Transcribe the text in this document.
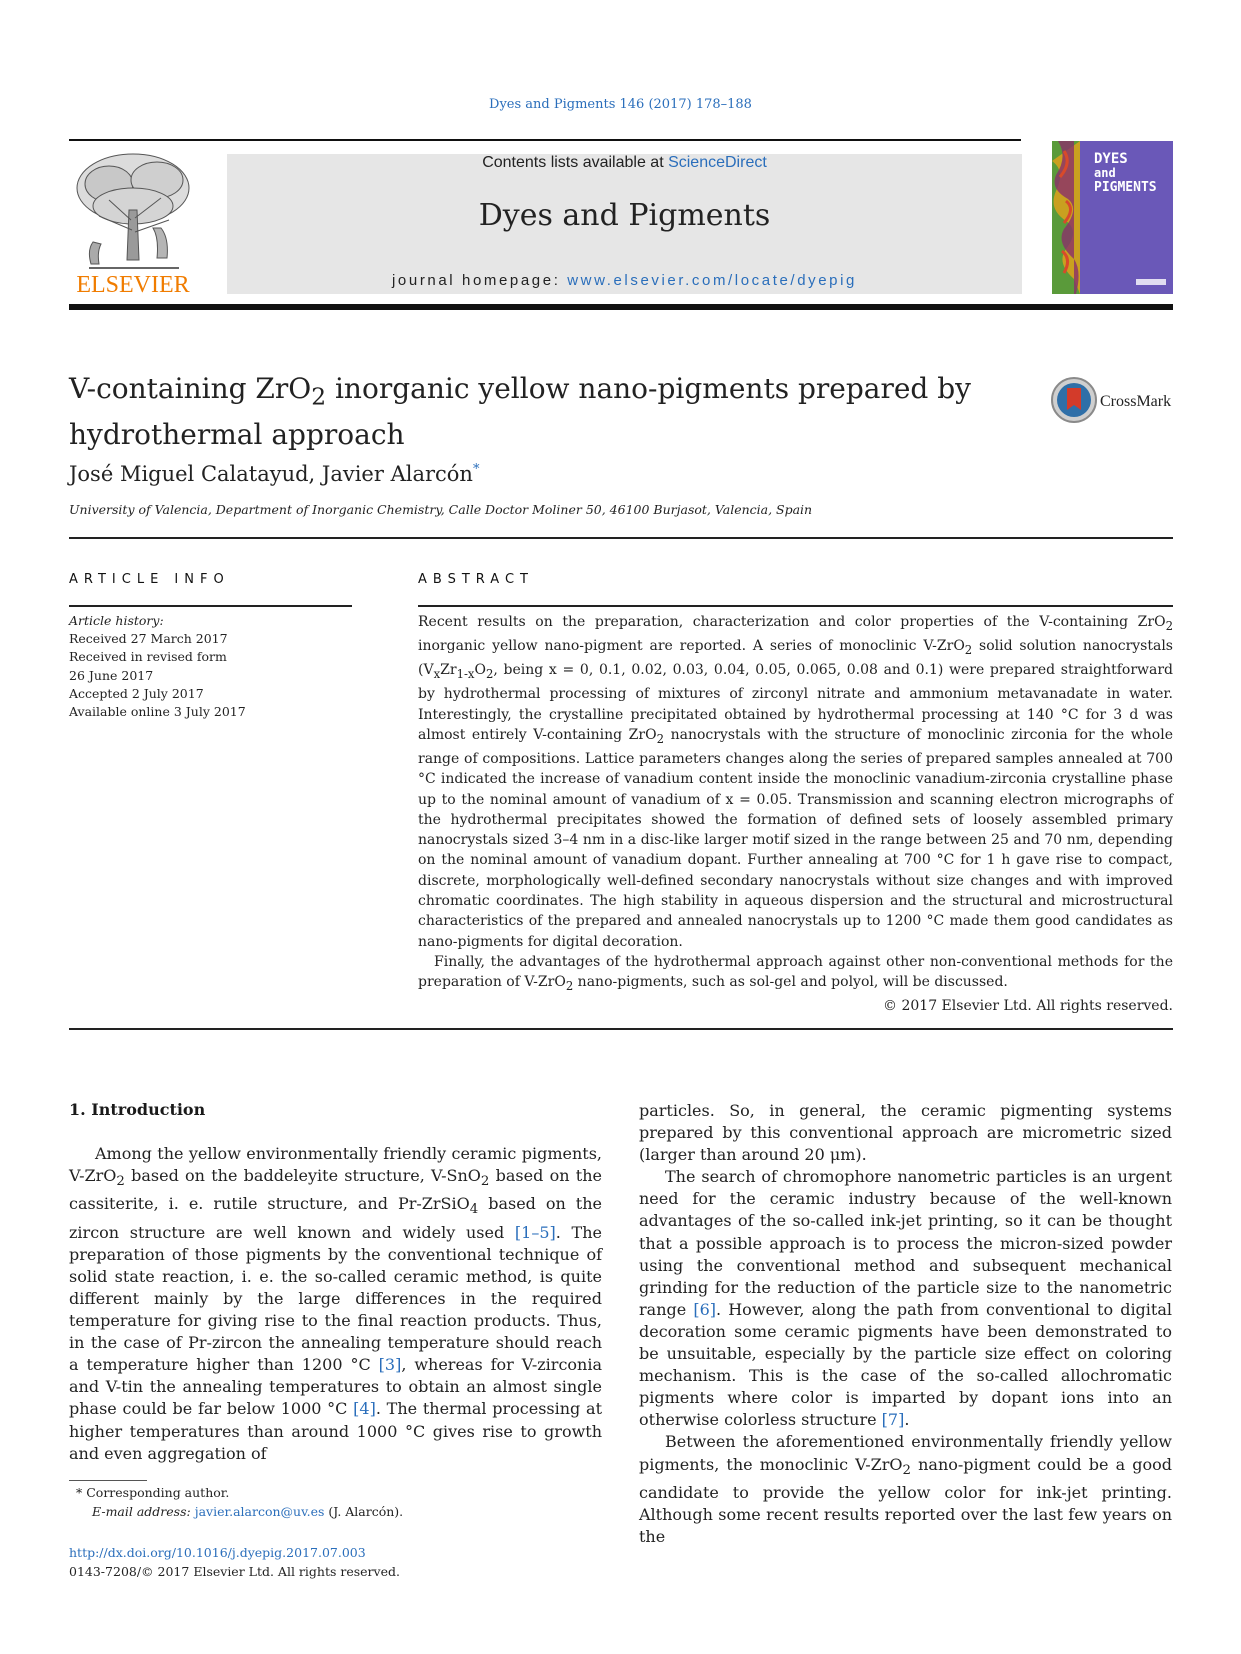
Dyes and Pigments 146 (2017) 178–188
ELSEVIER
Contents lists available at ScienceDirect
Dyes and Pigments
journal homepage: www.elsevier.com/locate/dyepig
DYES
and
PIGMENTS
V-containing ZrO$_2$ inorganic yellow nano-pigments prepared by hydrothermal approach
CrossMark
José Miguel Calatayud, Javier Alarcón*
University of Valencia, Department of Inorganic Chemistry, Calle Doctor Moliner 50, 46100 Burjasot, Valencia, Spain
ARTICLE INFO	ABSTRACT
Article history:
Received 27 March 2017
Received in revised form
26 June 2017
Accepted 2 July 2017
Available online 3 July 2017

Recent results on the preparation, characterization and color properties of the V-containing ZrO$_2$ inorganic yellow nano-pigment are reported. A series of monoclinic V-ZrO$_2$ solid solution nanocrystals ($V_xZr_{1-x}O_2$, being x = 0, 0.1, 0.02, 0.03, 0.04, 0.05, 0.065, 0.08 and 0.1) were prepared straightforward by hydrothermal processing of mixtures of zirconyl nitrate and ammonium metavanadate in water. Interestingly, the crystalline precipitated obtained by hydrothermal processing at 140 °C for 3 d was almost entirely V-containing ZrO$_2$ nanocrystals with the structure of monoclinic zirconia for the whole range of compositions. Lattice parameters changes along the series of prepared samples annealed at 700 °C indicated the increase of vanadium content inside the monoclinic vanadium-zirconia crystalline phase up to the nominal amount of vanadium of x = 0.05. Transmission and scanning electron micrographs of the hydrothermal precipitates showed the formation of defined sets of loosely assembled primary nanocrystals sized 3–4 nm in a disc-like larger motif sized in the range between 25 and 70 nm, depending on the nominal amount of vanadium dopant. Further annealing at 700 °C for 1 h gave rise to compact, discrete, morphologically well-defined secondary nanocrystals without size changes and with improved chromatic coordinates. The high stability in aqueous dispersion and the structural and microstructural characteristics of the prepared and annealed nanocrystals up to 1200 °C made them good candidates as nano-pigments for digital decoration.

Finally, the advantages of the hydrothermal approach against other non-conventional methods for the preparation of V-ZrO$_2$ nano-pigments, such as sol-gel and polyol, will be discussed.

© 2017 Elsevier Ltd. All rights reserved.

1. Introduction

Among the yellow environmentally friendly ceramic pigments, V-ZrO$_2$ based on the baddeleyite structure, V-SnO$_2$ based on the cassiterite, i. e. rutile structure, and Pr-ZrSiO$_4$ based on the zircon structure are well known and widely used [1–5]. The preparation of those pigments by the conventional technique of solid state reaction, i. e. the so-called ceramic method, is quite different mainly by the large differences in the required temperature for giving rise to the final reaction products. Thus, in the case of Pr-zircon the annealing temperature should reach a temperature higher than 1200 °C [3], whereas for V-zirconia and V-tin the annealing temperatures to obtain an almost single phase could be far below 1000 °C [4]. The thermal processing at higher temperatures than around 1000 °C gives rise to growth and even aggregation of

particles. So, in general, the ceramic pigmenting systems prepared by this conventional approach are micrometric sized (larger than around 20 μm).

The search of chromophore nanometric particles is an urgent need for the ceramic industry because of the well-known advantages of the so-called ink-jet printing, so it can be thought that a possible approach is to process the micron-sized powder using the conventional method and subsequent mechanical grinding for the reduction of the particle size to the nanometric range [6]. However, along the path from conventional to digital decoration some ceramic pigments have been demonstrated to be unsuitable, especially by the particle size effect on coloring mechanism. This is the case of the so-called allochromatic pigments where color is imparted by dopant ions into an otherwise colorless structure [7].

Between the aforementioned environmentally friendly yellow pigments, the monoclinic V-ZrO$_2$ nano-pigment could be a good candidate to provide the yellow color for ink-jet printing. Although some recent results reported over the last few years on the

* Corresponding author.
E-mail address: javier.alarcon@uv.es (J. Alarcón).
http://dx.doi.org/10.1016/j.dyepig.2017.07.003
0143-7208/© 2017 Elsevier Ltd. All rights reserved.
